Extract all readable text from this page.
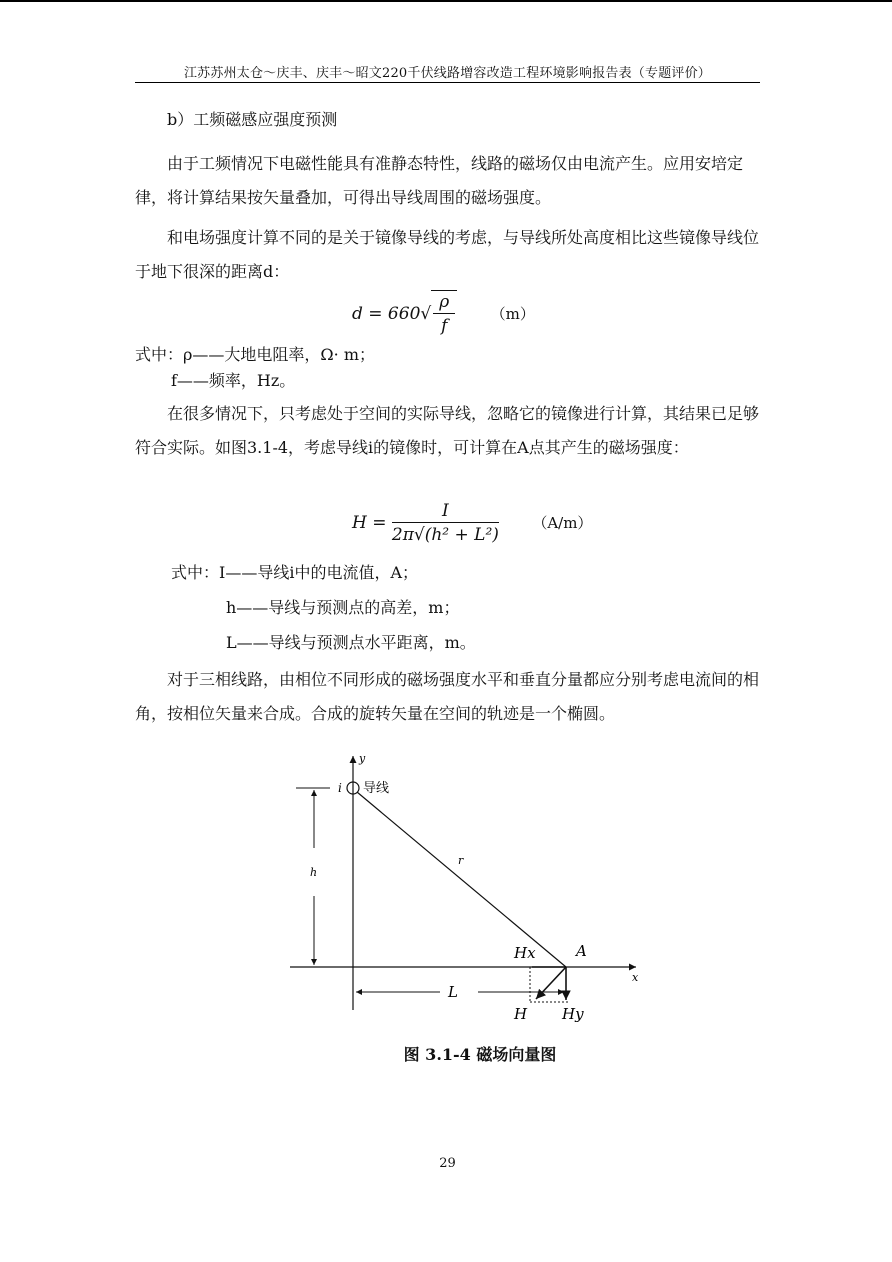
江苏苏州太仓～庆丰、庆丰～昭文220千伏线路增容改造工程环境影响报告表（专题评价）

b）工频磁感应强度预测

由于工频情况下电磁性能具有准静态特性，线路的磁场仅由电流产生。应用安培定律，将计算结果按矢量叠加，可得出导线周围的磁场强度。

和电场强度计算不同的是关于镜像导线的考虑，与导线所处高度相比这些镜像导线位于地下很深的距离d：

$d = 660√ \frac{\rho}{f} (m)$
式中：ρ——大地电阻率，Ω· m；
f——频率，Hz。

在很多情况下，只考虑处于空间的实际导线，忽略它的镜像进行计算，其结果已足够符合实际。如图3.1-4，考虑导线i的镜像时，可计算在A点其产生的磁场强度：

$H = \frac{I}{\text{2π√(h² + L²)}} (A/m)$
式中：I——导线i中的电流值，A；
h——导线与预测点的高差，m；
L——导线与预测点水平距离，m。

对于三相线路，由相位不同形成的磁场强度水平和垂直分量都应分别考虑电流间的相角，按相位矢量来合成。合成的旋转矢量在空间的轨迹是一个椭圆。

y
x
i 导线
r
h
L
A
Hx
H Hy
图 3.1-4 磁场向量图
29
